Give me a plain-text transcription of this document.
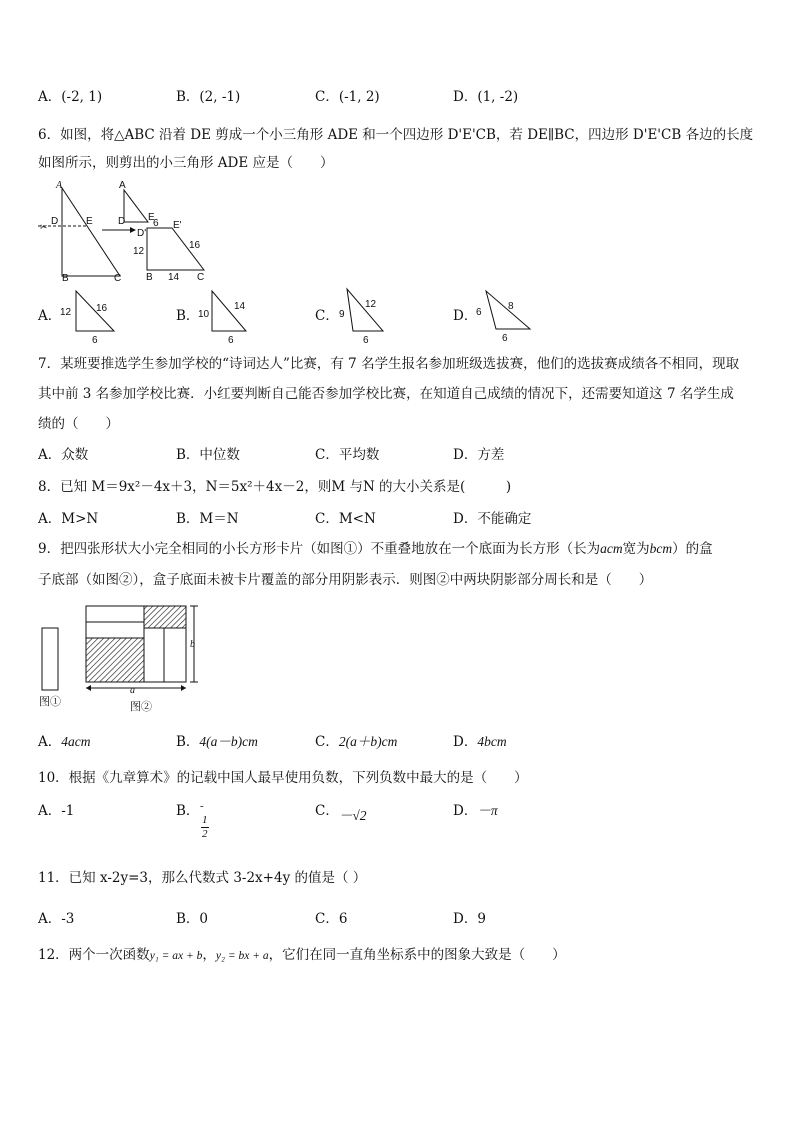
A．(-2, 1)	B．(2, -1)	C．(-1, 2)	D．(1, -2)
6．如图，将△ABC 沿着 DE 剪成一个小三角形 ADE 和一个四边形 D'E'CB，若 DE∥BC，四边形 D'E'CB 各边的长度
如图所示，则剪出的小三角形 ADE 应是（　　）
✂
A
D	E
B	C
A
D E
D'
E'
6
12
16
14
B	C
A．
12 16
6
B．
10
14
6
C． 9
12
6
D．
6
8
6
7．某班要推选学生参加学校的“诗词达人”比赛，有 7 名学生报名参加班级选拔赛，他们的选拔赛成绩各不相同，现取
其中前 3 名参加学校比赛．小红要判断自己能否参加学校比赛，在知道自己成绩的情况下，还需要知道这 7 名学生成
绩的（　　）
A．众数	B．中位数	C．平均数	D．方差
8．已知 M＝9x²－4x＋3，N＝5x²＋4x－2，则M 与N 的大小关系是(　　　)
A．M>N	B．M＝N	C．M<N	D．不能确定
9．把四张形状大小完全相同的小长方形卡片（如图①）不重叠地放在一个底面为长方形（长为acm宽为bcm）的盒
子底部（如图②），盒子底面未被卡片覆盖的部分用阴影表示．则图②中两块阴影部分周长和是（　　）
图①
b
a
图②
A．4acm	B．4(a－b)cm	C．2(a＋b)cm	D．4bcm
10．根据《九章算术》的记载中国人最早使用负数，下列负数中最大的是（　　）
A．-1	B． -
1
2
C．－√2	D．－π
11．已知 x-2y=3，那么代数式 3-2x+4y 的值是（ ）
A．-3	B．0	C．6	D．9
12．两个一次函数y₁ = ax + b，y₂ = bx + a，它们在同一直角坐标系中的图象大致是（　　）
